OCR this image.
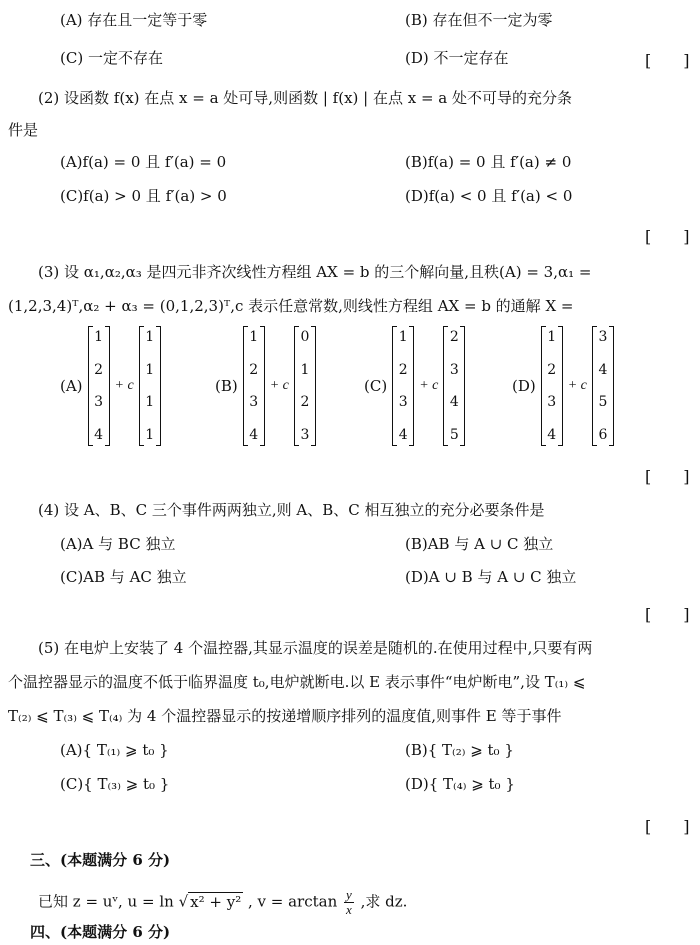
(A) 存在且一定等于零	(B) 存在但不一定为零
(C) 一定不存在	(D) 不一定存在	[　　]
(2) 设函数 f(x) 在点 x = a 处可导,则函数 | f(x) | 在点 x = a 处不可导的充分条
件是
(A)f(a) = 0 且 f′(a) = 0	(B)f(a) = 0 且 f′(a) ≠ 0
(C)f(a) > 0 且 f′(a) > 0	(D)f(a) < 0 且 f′(a) < 0
[　　]
(3) 设 α₁,α₂,α₃ 是四元非齐次线性方程组 AX = b 的三个解向量,且秩(A) = 3,α₁ =
(1,2,3,4)ᵀ,α₂ + α₃ = (0,1,2,3)ᵀ,c 表示任意常数,则线性方程组 AX = b 的通解 X =
(A)
1
2
3
4
+ c
1
1
1
1
(B)
1
2
3
4
+ c
0
1
2
3
(C)
1
2
3
4
+ c
2
3
4
5
(D)
1
2
3
4
+ c
3
4
5
6
[　　]
(4) 设 A、B、C 三个事件两两独立,则 A、B、C 相互独立的充分必要条件是
(A)A 与 BC 独立	(B)AB 与 A ∪ C 独立
(C)AB 与 AC 独立	(D)A ∪ B 与 A ∪ C 独立
[　　]
(5) 在电炉上安装了 4 个温控器,其显示温度的误差是随机的.在使用过程中,只要有两
个温控器显示的温度不低于临界温度 t₀,电炉就断电.以 E 表示事件“电炉断电”,设 T₍₁₎ ⩽
T₍₂₎ ⩽ T₍₃₎ ⩽ T₍₄₎ 为 4 个温控器显示的按递增顺序排列的温度值,则事件 E 等于事件
(A){ T₍₁₎ ⩾ t₀ }	(B){ T₍₂₎ ⩾ t₀ }
(C){ T₍₃₎ ⩾ t₀ }	(D){ T₍₄₎ ⩾ t₀ }
[　　]
三、(本题满分 6 分)
已知 z = uᵛ, u = ln √ x² + y² , $v = \arctan \frac{y}{x}$ ,求 dz.
四、(本题满分 6 分)
